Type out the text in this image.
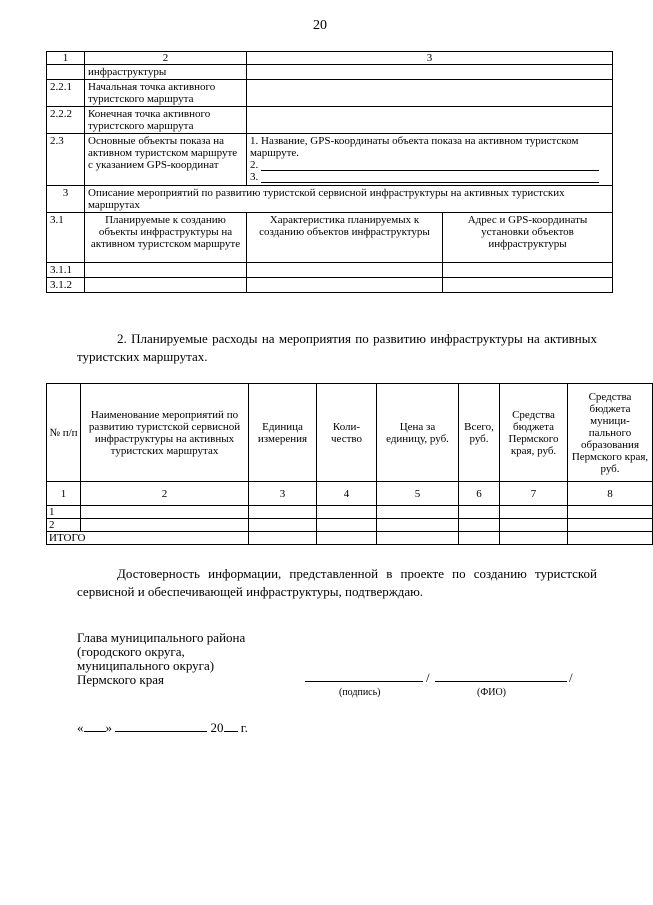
20
1	2	3	
	инфраструктуры		
2.2.1	Начальная точка активного туристского маршрута		
2.2.2	Конечная точка активного туристского маршрута		
2.3	Основные объекты показа на активном туристском маршруте с указанием GPS-координат	1. Название, GPS-координаты объекта показа на активном туристском маршруте.
2.
3.	

3	Описание мероприятий по развитию туристской сервисной инфраструктуры на активных туристских маршрутах		
3.1	Планируемые к созданию объекты инфраструктуры на активном туристском маршруте	Характеристика планируемых к созданию объектов инфраструктуры	Адрес и GPS-координаты установки объектов инфраструктуры
3.1.1			
3.1.2			
2. Планируемые расходы на мероприятия по развитию инфраструктуры на активных туристских маршрутах.
№ п/п	Наименование мероприятий по развитию туристской сервисной инфраструктуры на активных туристских маршрутах	Единица измерения	Коли-чество	Цена за единицу, руб.	Всего, руб.	Средства бюджета Пермского края, руб.	Средства бюджета муници-пального образования Пермского края, руб.
1	2	3	4	5	6	7	8
1							
2							
ИТОГО							
Достоверность информации, представленной в проекте по созданию туристской сервисной и обеспечивающей инфраструктуры, подтверждаю.
Глава муниципального района
(городского округа,
муниципального округа)
Пермского края	/	/
(подпись)	(ФИО)
« »	20 г.
